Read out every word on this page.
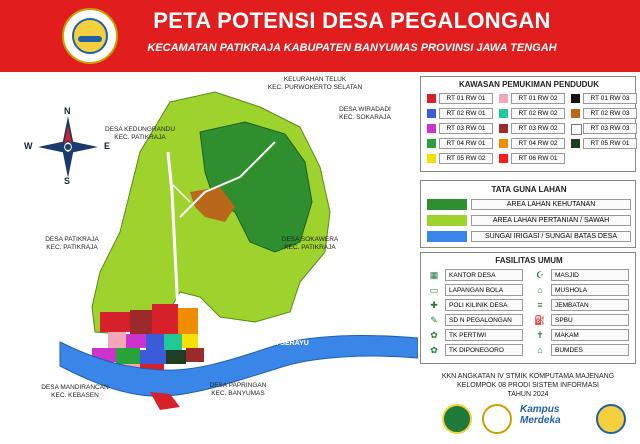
PETA POTENSI DESA PEGALONGAN
KECAMATAN PATIKRAJA KABUPATEN BANYUMAS PROVINSI JAWA TENGAH
KELURAHAN TELUK
KEC. PURWOKERTO SELATAN
DESA WIRADADI
KEC. SOKARAJA
DESA KEDUNGRANDU
KEC. PATIKRAJA
DESA PATIKRAJA
KEC. PATIKRAJA
DESA SOKAWERA
KEC. PATIKRAJA
DESA MANDIRANCAN
KEC. KEBASEN
DESA PAPRINGAN
KEC. BANYUMAS
SUNGAI SERAYU
N
S
W	E
KAWASAN PEMUKIMAN PENDUDUK
RT 01 RW 01	RT 01 RW 02	RT 01 RW 03
RT 02 RW 01	RT 02 RW 02	RT 02 RW 03
RT 03 RW 01	RT 03 RW 02	RT 03 RW 03
RT 04 RW 01	RT 04 RW 02	RT 05 RW 01
RT 05 RW 02	RT 06 RW 01
TATA GUNA LAHAN
AREA LAHAN KEHUTANAN
AREA LAHAN PERTANIAN / SAWAH
SUNGAI IRIGASI / SUNGAI BATAS DESA
FASILITAS UMUM
▦	KANTOR DESA	☪	MASJID
▭	LAPANGAN BOLA	⌂	MUSHOLA
✚	POLI KILINIK DESA	≡	JEMBATAN
✎	SD N PEGALONGAN	⛽	SPBU
✿	TK PERTIWI	✝	MAKAM
✿	TK DIPONEGORO	⌂	BUMDES
KKN ANGKATAN IV STMIK KOMPUTAMA MAJENANG
KELOMPOK 08 PRODI SISTEM INFORMASI
TAHUN 2024
Kampus
Merdeka
